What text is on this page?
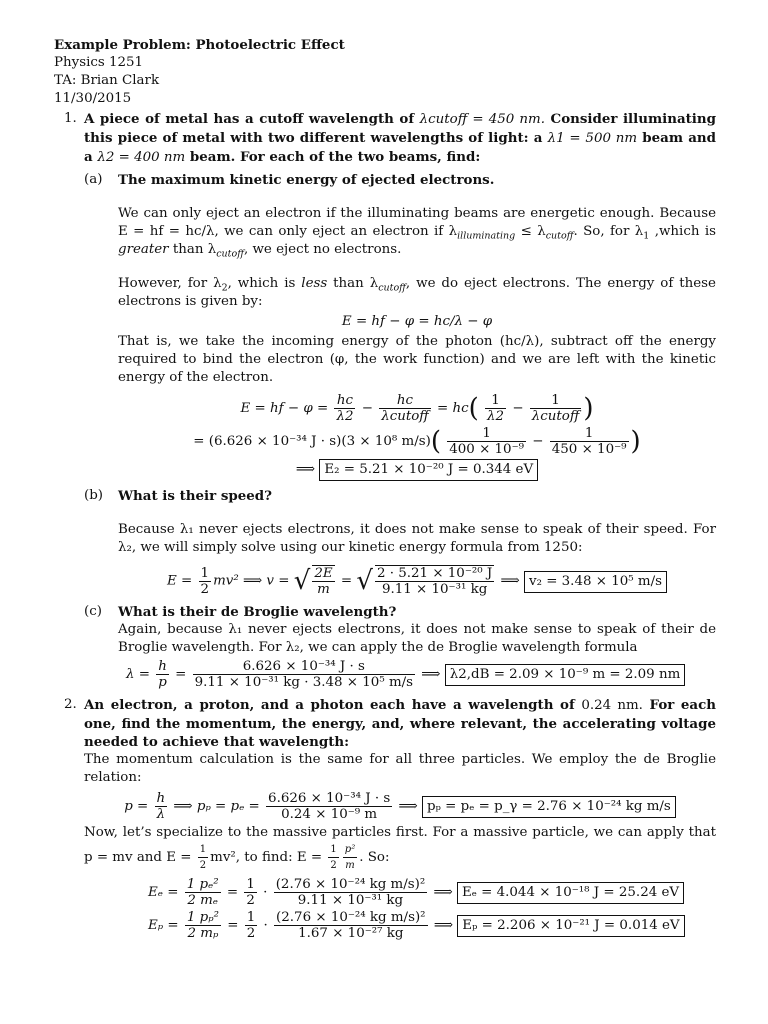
Example Problem: Photoelectric Effect
Physics 1251
TA: Brian Clark
11/30/2015
1. A piece of metal has a cutoff wavelength of λcutoff = 450 nm. Consider illuminating this piece of metal with two different wavelengths of light: a λ1 = 500 nm beam and a λ2 = 400 nm beam. For each of the two beams, find:

(a) The maximum kinetic energy of ejected electrons.

We can only eject an electron if the illuminating beams are energetic enough. Because E = hf = hc/λ, we can only eject an electron if $\lambda_{illuminating} \le \lambda_{cutoff}$. So, for $\lambda_1$ ,which is greater than $\lambda_{cutoff}$, we eject no electrons.

However, for $\lambda_2$, which is less than $\lambda_{cutoff}$, we do eject electrons. The energy of these electrons is given by:

E = hf − φ = hc/λ − φ

That is, we take the incoming energy of the photon (hc/λ), subtract off the energy required to bind the electron (φ, the work function) and we are left with the kinetic energy of the electron.

E = hf − $\varphi = \frac{hc}{\lambda 2} - \frac{hc}{\text{λcutoff}} = hc( \frac{1}{\lambda 2} - \frac{1}{\text{λcutoff}}$ )
= (6.626 × 10⁻³⁴ J · s)(3 × 10⁸ $m/s)( \frac{1}{\text{400 × 10⁻⁹}} - \frac{1}{\text{450 × 10⁻⁹}}$ )
⟹ E₂ = 5.21 × 10⁻²⁰ J = 0.344 eV
(b) What is their speed?

Because λ₁ never ejects electrons, it does not make sense to speak of their speed. For λ₂, we will simply solve using our kinetic energy formula from 1250:

$E = \frac{1}{2} mv^2$ ⟹ v = √ $\frac{2E}{m}$ = √ $\frac{\text{2 · 5.21 × 10⁻²⁰ J}}{\text{9.11 × 10⁻³¹ kg}}$ ⟹ v₂ = 3.48 × 10⁵ m/s
(c) What is their de Broglie wavelength?

Again, because λ₁ never ejects electrons, it does not make sense to speak of their de Broglie wavelength. For λ₂, we can apply the de Broglie wavelength formula

$\lambda = \frac{h}{p} = \frac{\text{6.626 × 10⁻³⁴ J · s}}{\text{9.11 × 10⁻³¹ kg · 3.48 × 10⁵ m/s}}$ ⟹ λ2,dB = 2.09 × 10⁻⁹ m = 2.09 nm
2. An electron, a proton, and a photon each have a wavelength of 0.24 nm. For each one, find the momentum, the energy, and, where relevant, the accelerating voltage needed to achieve that wavelength:

The momentum calculation is the same for all three particles. We employ the de Broglie relation:

$p = \frac{h}{\lambda}$ ⟹ $p_p = p_e = \frac{\text{6.626 × 10⁻³⁴ J · s}}{\text{0.24 × 10⁻⁹ m}}$ ⟹ pₚ = pₑ = p_γ = 2.76 × 10⁻²⁴ kg m/s

Now, let’s specialize to the massive particles first. For a massive particle, we can apply that p = mv and $E = \frac{1}{2} mv^2$, to find: $E = \frac{1}{2} \frac{\text{p²}}{m}$ . So:

$E_e = \frac{\text{1 pₑ²}}{\text{2 mₑ}} = \frac{1}{2} \cdot \frac{\text{(2.76 × 10⁻²⁴ kg m/s)²}}{\text{9.11 × 10⁻³¹ kg}}$ ⟹ Eₑ = 4.044 × 10⁻¹⁸ J = 25.24 eV
$E_p = \frac{\text{1 pₚ²}}{\text{2 mₚ}} = \frac{1}{2} \cdot \frac{\text{(2.76 × 10⁻²⁴ kg m/s)²}}{\text{1.67 × 10⁻²⁷ kg}}$ ⟹ Eₚ = 2.206 × 10⁻²¹ J = 0.014 eV
